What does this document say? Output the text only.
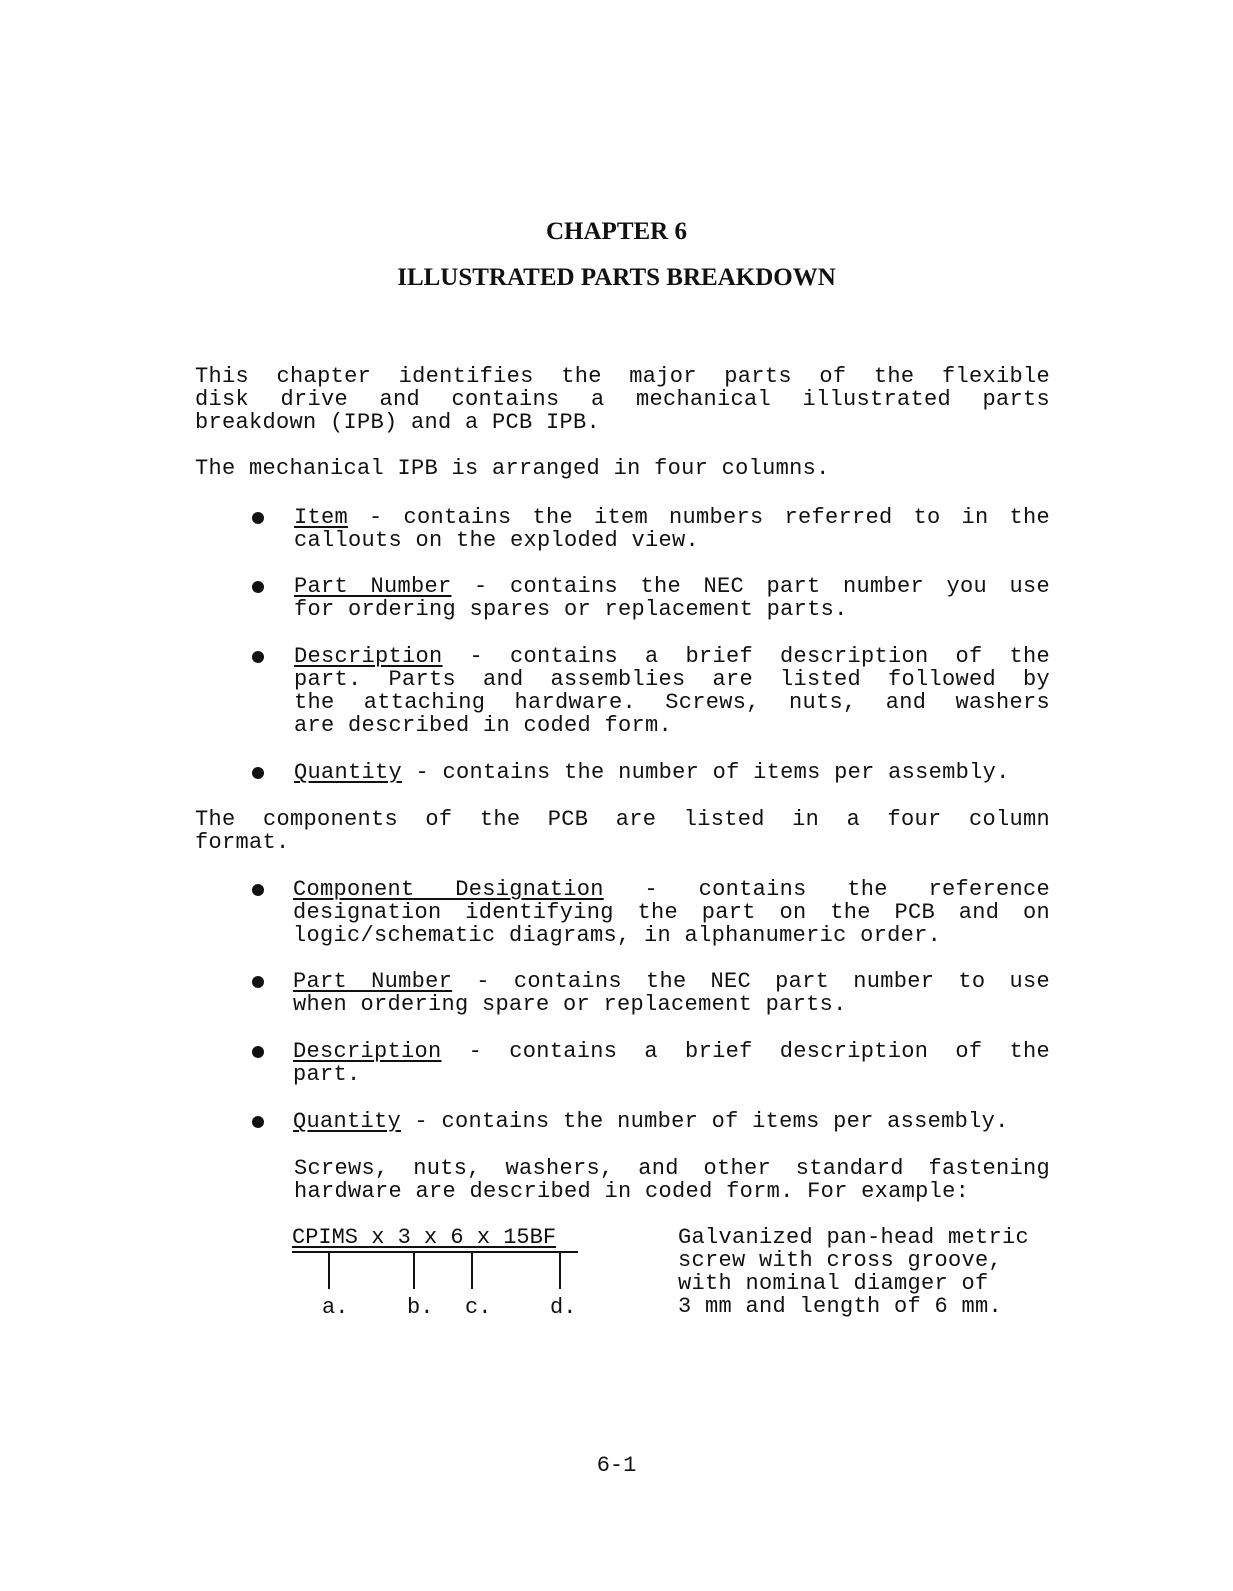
CHAPTER 6
ILLUSTRATED PARTS BREAKDOWN
This chapter identifies the major parts of the flexible
disk drive and contains a mechanical illustrated parts
breakdown (IPB) and a PCB IPB.
The mechanical IPB is arranged in four columns.
Item - contains the item numbers referred to in the
callouts on the exploded view.
Part Number - contains the NEC part number you use
for ordering spares or replacement parts.
Description - contains a brief description of the
part. Parts and assemblies are listed followed by
the attaching hardware. Screws, nuts, and washers
are described in coded form.
Quantity - contains the number of items per assembly.
The components of the PCB are listed in a four column
format.
Component Designation - contains the reference
designation identifying the part on the PCB and on
logic/schematic diagrams, in alphanumeric order.
Part Number - contains the NEC part number to use
when ordering spare or replacement parts.
Description - contains a brief description of the
part.
Quantity - contains the number of items per assembly.
Screws, nuts, washers, and other standard fastening
hardware are described in coded form. For example:
CPIMS x 3 x 6 x 15BF
a.	b. c.	d.
Galvanized pan-head metric
screw with cross groove,
with nominal diamger of
3 mm and length of 6 mm.
6-1
